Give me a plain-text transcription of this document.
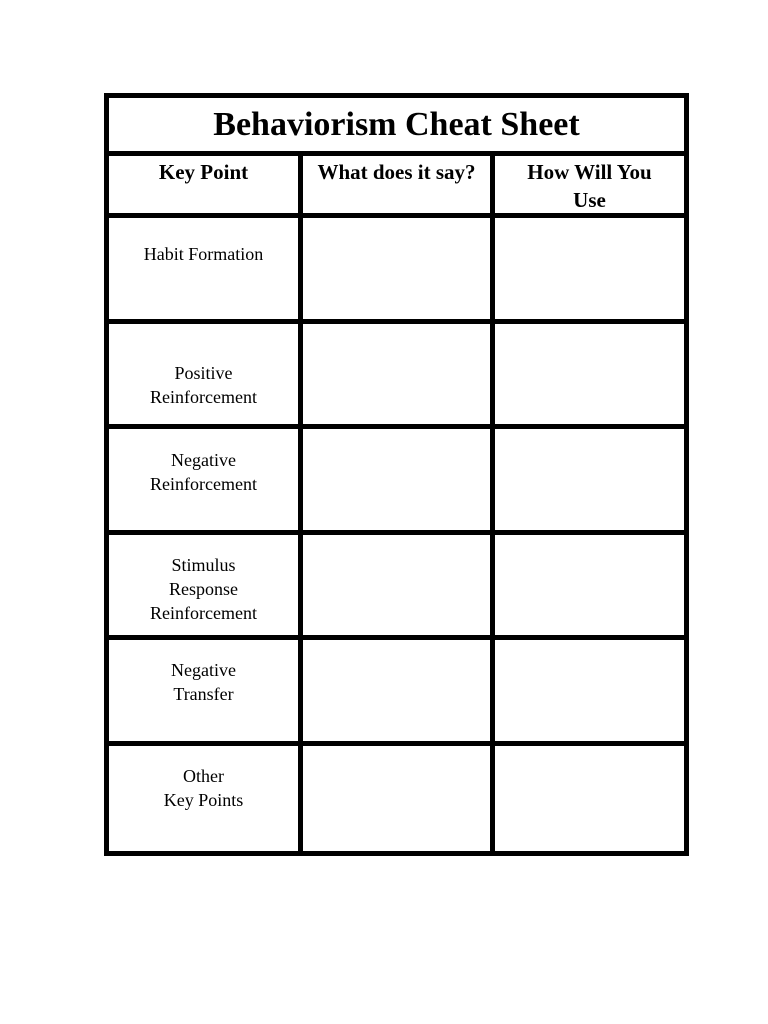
Behaviorism Cheat Sheet
Key Point	What does it say?	How Will You
Use
Habit Formation
Positive
Reinforcement
Negative
Reinforcement
Stimulus
Response
Reinforcement
Negative
Transfer
Other
Key Points
